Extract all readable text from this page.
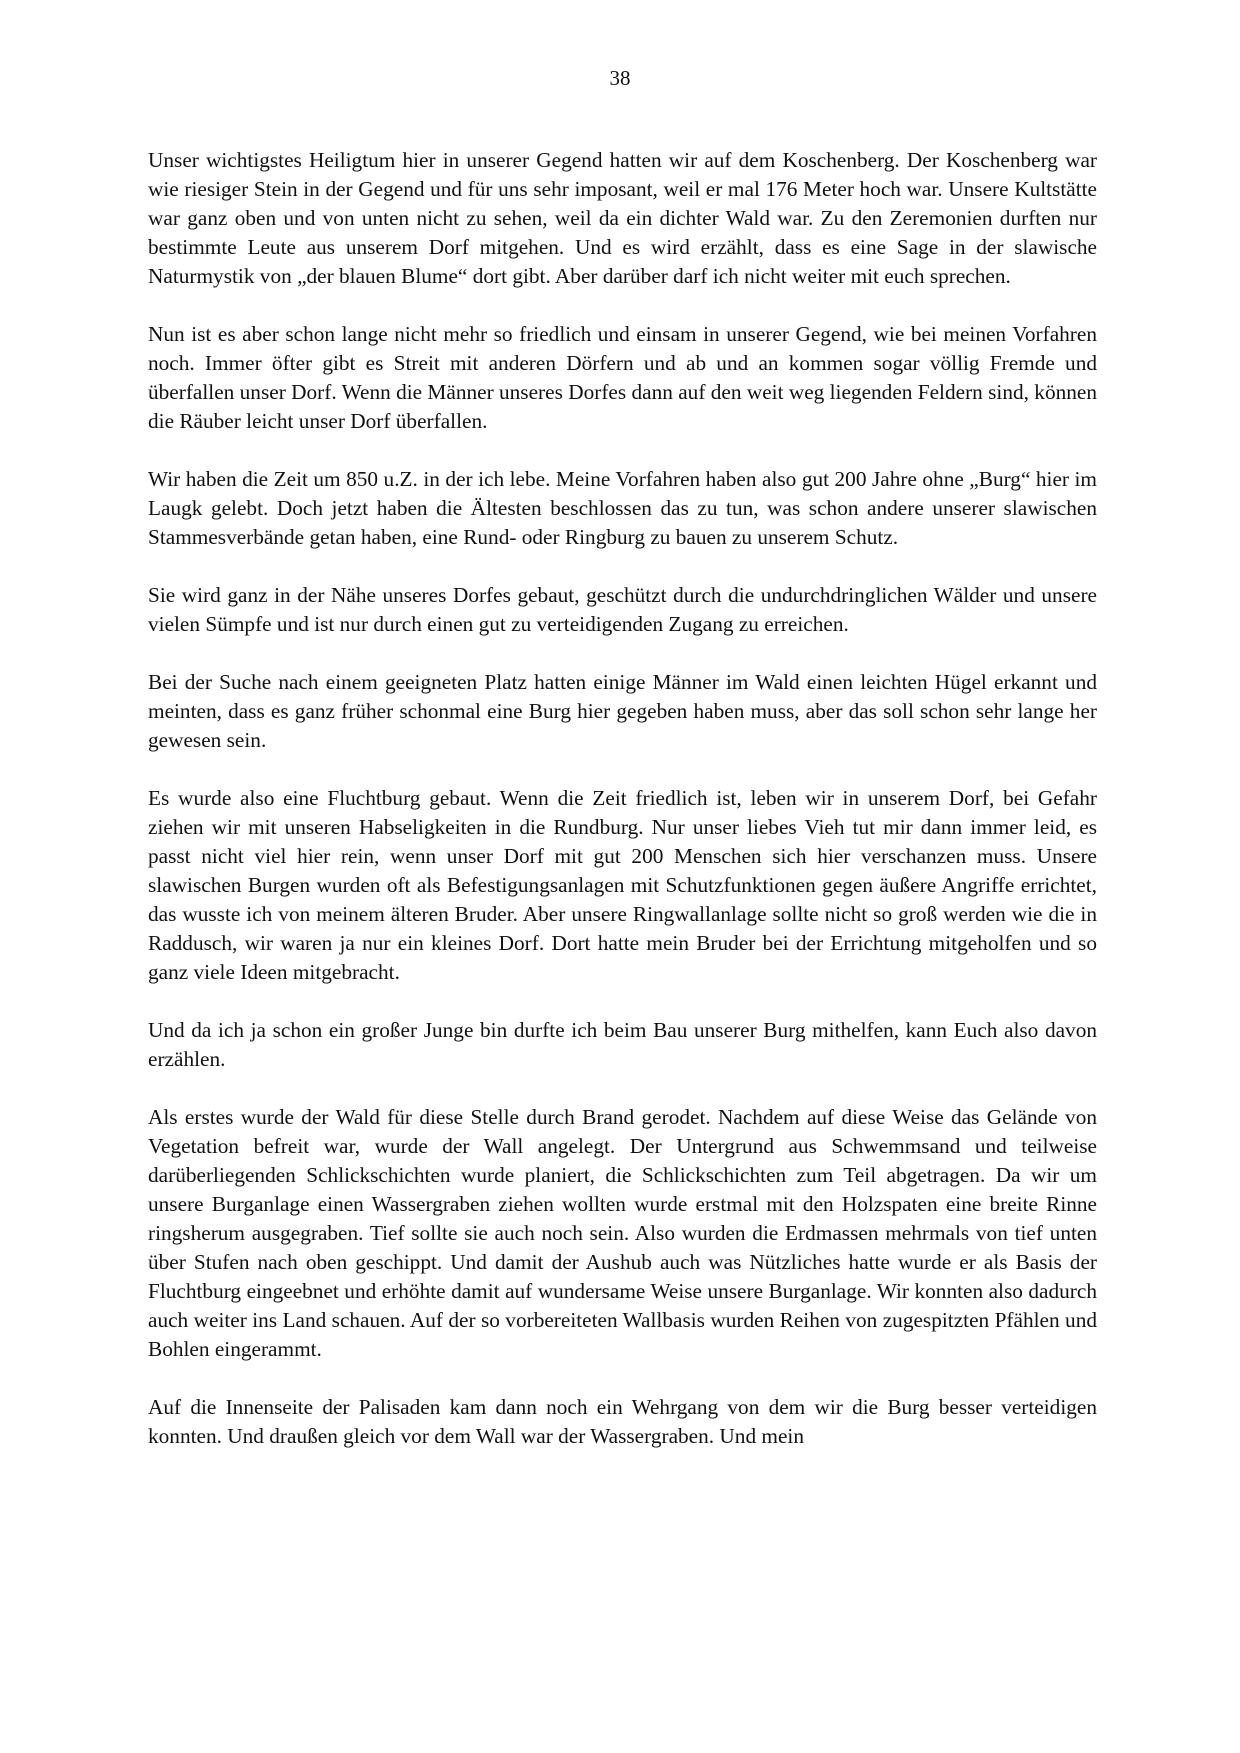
38

Unser wichtigstes Heiligtum hier in unserer Gegend hatten wir auf dem Koschenberg. Der Koschenberg war wie riesiger Stein in der Gegend und für uns sehr imposant, weil er mal 176 Meter hoch war. Unsere Kultstätte war ganz oben und von unten nicht zu sehen, weil da ein dichter Wald war. Zu den Zeremonien durften nur bestimmte Leute aus unserem Dorf mitgehen. Und es wird erzählt, dass es eine Sage in der slawische Naturmystik von „der blauen Blume“ dort gibt. Aber darüber darf ich nicht weiter mit euch sprechen.

Nun ist es aber schon lange nicht mehr so friedlich und einsam in unserer Gegend, wie bei meinen Vorfahren noch. Immer öfter gibt es Streit mit anderen Dörfern und ab und an kommen sogar völlig Fremde und überfallen unser Dorf. Wenn die Männer unseres Dorfes dann auf den weit weg liegenden Feldern sind, können die Räuber leicht unser Dorf überfallen.

Wir haben die Zeit um 850 u.Z. in der ich lebe. Meine Vorfahren haben also gut 200 Jahre ohne „Burg“ hier im Laugk gelebt. Doch jetzt haben die Ältesten beschlossen das zu tun, was schon andere unserer slawischen Stammesverbände getan haben, eine Rund- oder Ringburg zu bauen zu unserem Schutz.

Sie wird ganz in der Nähe unseres Dorfes gebaut, geschützt durch die undurchdringlichen Wälder und unsere vielen Sümpfe und ist nur durch einen gut zu verteidigenden Zugang zu erreichen.

Bei der Suche nach einem geeigneten Platz hatten einige Männer im Wald einen leichten Hügel erkannt und meinten, dass es ganz früher schonmal eine Burg hier gegeben haben muss, aber das soll schon sehr lange her gewesen sein.

Es wurde also eine Fluchtburg gebaut. Wenn die Zeit friedlich ist, leben wir in unserem Dorf, bei Gefahr ziehen wir mit unseren Habseligkeiten in die Rundburg. Nur unser liebes Vieh tut mir dann immer leid, es passt nicht viel hier rein, wenn unser Dorf mit gut 200 Menschen sich hier verschanzen muss. Unsere slawischen Burgen wurden oft als Befestigungsanlagen mit Schutzfunktionen gegen äußere Angriffe errichtet, das wusste ich von meinem älteren Bruder. Aber unsere Ringwallanlage sollte nicht so groß werden wie die in Raddusch, wir waren ja nur ein kleines Dorf. Dort hatte mein Bruder bei der Errichtung mitgeholfen und so ganz viele Ideen mitgebracht.

Und da ich ja schon ein großer Junge bin durfte ich beim Bau unserer Burg mithelfen, kann Euch also davon erzählen.

Als erstes wurde der Wald für diese Stelle durch Brand gerodet. Nachdem auf diese Weise das Gelände von Vegetation befreit war, wurde der Wall angelegt. Der Untergrund aus Schwemmsand und teilweise darüberliegenden Schlickschichten wurde planiert, die Schlickschichten zum Teil abgetragen. Da wir um unsere Burganlage einen Wassergraben ziehen wollten wurde erstmal mit den Holzspaten eine breite Rinne ringsherum ausgegraben. Tief sollte sie auch noch sein. Also wurden die Erdmassen mehrmals von tief unten über Stufen nach oben geschippt. Und damit der Aushub auch was Nützliches hatte wurde er als Basis der Fluchtburg eingeebnet und erhöhte damit auf wundersame Weise unsere Burganlage. Wir konnten also dadurch auch weiter ins Land schauen. Auf der so vorbereiteten Wallbasis wurden Reihen von zugespitzten Pfählen und Bohlen eingerammt.

Auf die Innenseite der Palisaden kam dann noch ein Wehrgang von dem wir die Burg besser verteidigen konnten. Und draußen gleich vor dem Wall war der Wassergraben. Und mein
